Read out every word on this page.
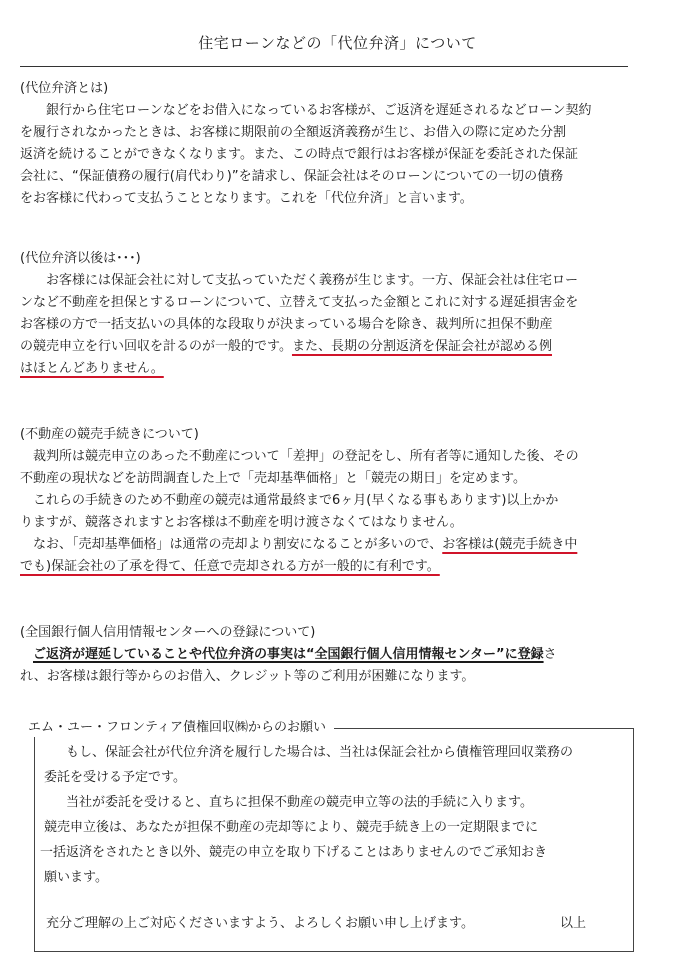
住宅ローンなどの「代位弁済」について
(代位弁済とは)
銀行から住宅ローンなどをお借入になっているお客様が、ご返済を遅延されるなどローン契約
を履行されなかったときは、お客様に期限前の全額返済義務が生じ、お借入の際に定めた分割
返済を続けることができなくなります。また、この時点で銀行はお客様が保証を委託された保証
会社に、“保証債務の履行(肩代わり)”を請求し、保証会社はそのローンについての一切の債務
をお客様に代わって支払うこととなります。これを「代位弁済」と言います。
(代位弁済以後は･･･)
お客様には保証会社に対して支払っていただく義務が生じます。一方、保証会社は住宅ロー
ンなど不動産を担保とするローンについて、立替えて支払った金額とこれに対する遅延損害金を
お客様の方で一括支払いの具体的な段取りが決まっている場合を除き、裁判所に担保不動産
の競売申立を行い回収を計るのが一般的です。また、長期の分割返済を保証会社が認める例
はほとんどありません。
(不動産の競売手続きについて)
裁判所は競売申立のあった不動産について「差押」の登記をし、所有者等に通知した後、その
不動産の現状などを訪問調査した上で「売却基準価格」と「競売の期日」を定めます。
これらの手続きのため不動産の競売は通常最終まで6ヶ月(早くなる事もあります)以上かか
りますが、競落されますとお客様は不動産を明け渡さなくてはなりません。
なお、「売却基準価格」は通常の売却より割安になることが多いので、お客様は(競売手続き中
でも)保証会社の了承を得て、任意で売却される方が一般的に有利です。
(全国銀行個人信用情報センターへの登録について)
ご返済が遅延していることや代位弁済の事実は“全国銀行個人信用情報センター”に登録さ
れ、お客様は銀行等からのお借入、クレジット等のご利用が困難になります。
エム・ユー・フロンティア債権回収㈱からのお願い
もし、保証会社が代位弁済を履行した場合は、当社は保証会社から債権管理回収業務の
委託を受ける予定です。
当社が委託を受けると、直ちに担保不動産の競売申立等の法的手続に入ります。
競売申立後は、あなたが担保不動産の売却等により、競売手続き上の一定期限までに
一括返済をされたとき以外、競売の申立を取り下げることはありませんのでご承知おき
願います。
充分ご理解の上ご対応くださいますよう、よろしくお願い申し上げます。	以上
